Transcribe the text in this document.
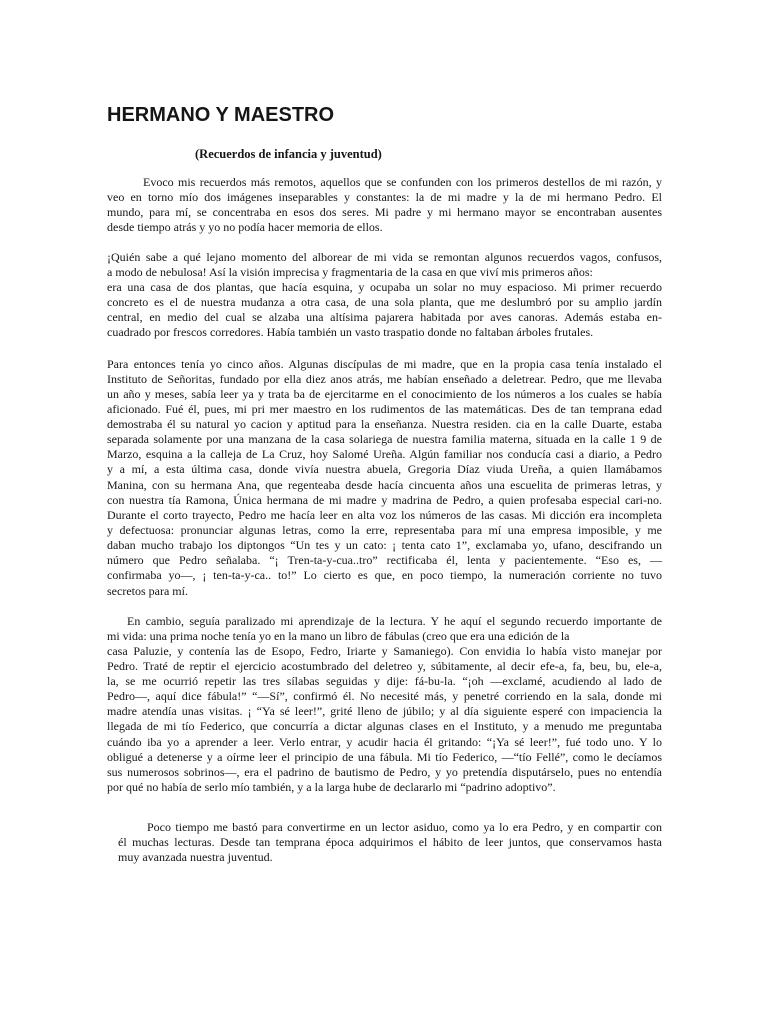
HERMANO Y MAESTRO
(Recuerdos de infancia y juventud)
Evoco mis recuerdos más remotos, aquellos que se confunden con los primeros destellos de mi razón, y
veo en torno mío dos imágenes inseparables y constantes: la de mi madre y la de mi hermano Pedro. El
mundo, para mí, se concentraba en esos dos seres. Mi padre y mi hermano mayor se encontraban ausentes
desde tiempo atrás y yo no podía hacer memoria de ellos.
¡Quién sabe a qué lejano momento del alborear de mi vida se remontan algunos recuerdos vagos, confusos,
a modo de nebulosa! Así la visión imprecisa y fragmentaria de la casa en que viví mis primeros años:
era una casa de dos plantas, que hacía esquina, y ocupaba un solar no muy espacioso. Mi primer recuerdo
concreto es el de nuestra mudanza a otra casa, de una sola planta, que me deslumbró por su amplio jardín
central, en medio del cual se alzaba una altísima pajarera habitada por aves canoras. Además estaba en-
cuadrado por frescos corredores. Había también un vasto traspatio donde no faltaban árboles frutales.
Para entonces tenía yo cinco años. Algunas discípulas de mi madre, que en la propia casa tenía instalado el
Instituto de Señoritas, fundado por ella diez anos atrás, me habían enseñado a deletrear. Pedro, que me llevaba
un año y meses, sabía leer ya y trata ba de ejercitarme en el conocimiento de los números a los cuales se había
aficionado. Fué él, pues, mi pri mer maestro en los rudimentos de las matemáticas. Des de tan temprana edad
demostraba él su natural yo cacion y aptitud para la enseñanza. Nuestra residen. cia en la calle Duarte, estaba
separada solamente por una manzana de la casa solariega de nuestra familia materna, situada en la calle 1 9 de
Marzo, esquina a la calleja de La Cruz, hoy Salomé Ureña. Algún familiar nos conducía casi a diario, a Pedro
y a mí, a esta última casa, donde vivía nuestra abuela, Gregoria Díaz viuda Ureña, a quien llamábamos
Manina, con su hermana Ana, que regenteaba desde hacía cincuenta años una escuelita de primeras letras, y
con nuestra tía Ramona, Única hermana de mi madre y madrina de Pedro, a quien profesaba especial cari-no.
Durante el corto trayecto, Pedro me hacía leer en alta voz los números de las casas. Mi dicción era incompleta
y defectuosa: pronunciar algunas letras, como la erre, representaba para mí una empresa imposible, y me
daban mucho trabajo los diptongos “Un tes y un cato: ¡ tenta cato 1”, exclamaba yo, ufano, descifrando un
número que Pedro señalaba. “¡ Tren-ta-y-cua..tro” rectificaba él, lenta y pacientemente. “Eso es, —
confirmaba yo—, ¡ ten-ta-y-ca.. to!” Lo cierto es que, en poco tiempo, la numeración corriente no tuvo
secretos para mí.
En cambio, seguía paralizado mi aprendizaje de la lectura. Y he aquí el segundo recuerdo importante de
mi vida: una prima noche tenía yo en la mano un libro de fábulas (creo que era una edición de la
casa Paluzie, y contenía las de Esopo, Fedro, Iriarte y Samaniego). Con envidia lo había visto manejar por
Pedro. Traté de reptir el ejercicio acostumbrado del deletreo y, súbitamente, al decir efe-a, fa, beu, bu, ele-a,
la, se me ocurrió repetir las tres sílabas seguidas y dije: fá-bu-la. “¡oh —exclamé, acudiendo al lado de
Pedro—, aquí dice fábula!” “—Sí”, confirmó él. No necesité más, y penetré corriendo en la sala, donde mi
madre atendía unas visitas. ¡ “Ya sé leer!”, grité lleno de júbilo; y al día siguiente esperé con impaciencia la
llegada de mi tío Federico, que concurría a dictar algunas clases en el Instituto, y a menudo me preguntaba
cuándo iba yo a aprender a leer. Verlo entrar, y acudir hacia él gritando: “¡Ya sé leer!”, fué todo uno. Y lo
obligué a detenerse y a oírme leer el principio de una fábula. Mi tío Federico, —“tío Fellé”, como le decíamos
sus numerosos sobrinos—, era el padrino de bautismo de Pedro, y yo pretendía disputárselo, pues no entendía
por qué no había de serlo mío también, y a la larga hube de declararlo mi “padrino adoptivo”.
Poco tiempo me bastó para convertirme en un lector asiduo, como ya lo era Pedro, y en compartir con
él muchas lecturas. Desde tan temprana época adquirimos el hábito de leer juntos, que conservamos hasta
muy avanzada nuestra juventud.
